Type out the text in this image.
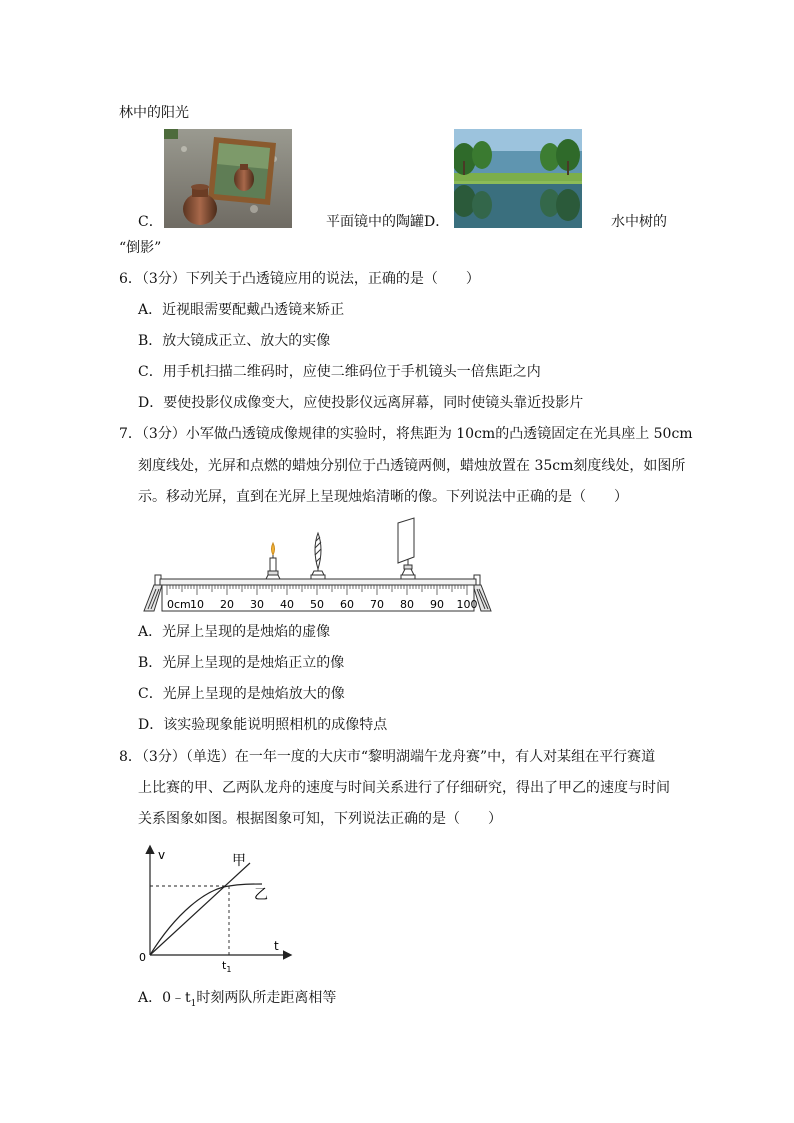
林中的阳光
C．	平面镜中的陶罐 D．	水中树的
“倒影”
6．（3分）下列关于凸透镜应用的说法，正确的是（　　）
A．近视眼需要配戴凸透镜来矫正
B．放大镜成正立、放大的实像
C．用手机扫描二维码时，应使二维码位于手机镜头一倍焦距之内
D．要使投影仪成像变大，应使投影仪远离屏幕，同时使镜头靠近投影片
7．（3分）小军做凸透镜成像规律的实验时，将焦距为 10cm的凸透镜固定在光具座上 50cm
刻度线处，光屏和点燃的蜡烛分别位于凸透镜两侧，蜡烛放置在 35cm刻度线处，如图所
示。移动光屏，直到在光屏上呈现烛焰清晰的像。下列说法中正确的是（　　）
0cm 10 20 30 40 50 60 70 80 90 100
A．光屏上呈现的是烛焰的虚像
B．光屏上呈现的是烛焰正立的像
C．光屏上呈现的是烛焰放大的像
D．该实验现象能说明照相机的成像特点
8．（3分）（单选）在一年一度的大庆市“黎明湖端午龙舟赛”中，有人对某组在平行赛道
上比赛的甲、乙两队龙舟的速度与时间关系进行了仔细研究，得出了甲乙的速度与时间
关系图象如图。根据图象可知，下列说法正确的是（　　）
v
t
0
$t_1$
甲
乙
A．$0﹣t_1$时刻两队所走距离相等
